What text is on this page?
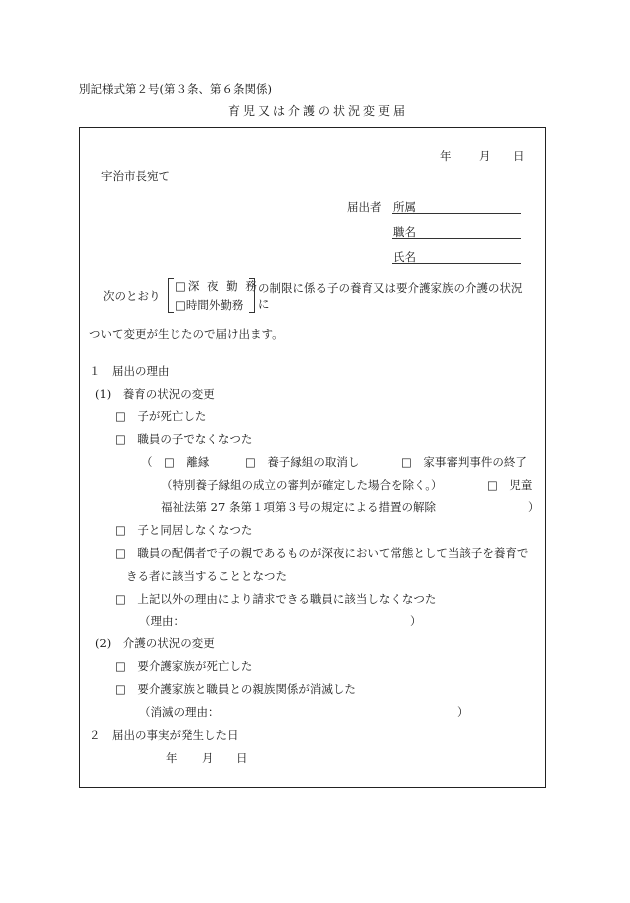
別記様式第２号(第３条、第６条関係)
育児又は介護の状況変更届
年 月 日
宇治市長宛て
届出者 所属
職名
氏名
次のとおり
□深 夜 勤 務
□時間外勤務
の制限に係る子の養育又は要介護家族の介護の状況
に
ついて変更が生じたので届け出ます。
１　届出の理由
(1)　養育の状況の変更
□　子が死亡した
□　職員の子でなくなつた
（　□　離縁	□　養子縁組の取消し	□　家事審判事件の終了
（特別養子縁組の成立の審判が確定した場合を除く。）	□　児童
福祉法第 27 条第１項第３号の規定による措置の解除	）
□　子と同居しなくなつた
□　職員の配偶者で子の親であるものが深夜において常態として当該子を養育で
きる者に該当することとなつた
□　上記以外の理由により請求できる職員に該当しなくなつた
（理由：	）
(2)　介護の状況の変更
□　要介護家族が死亡した
□　要介護家族と職員との親族関係が消滅した
（消滅の理由：	）
２　届出の事実が発生した日
年 月 日
